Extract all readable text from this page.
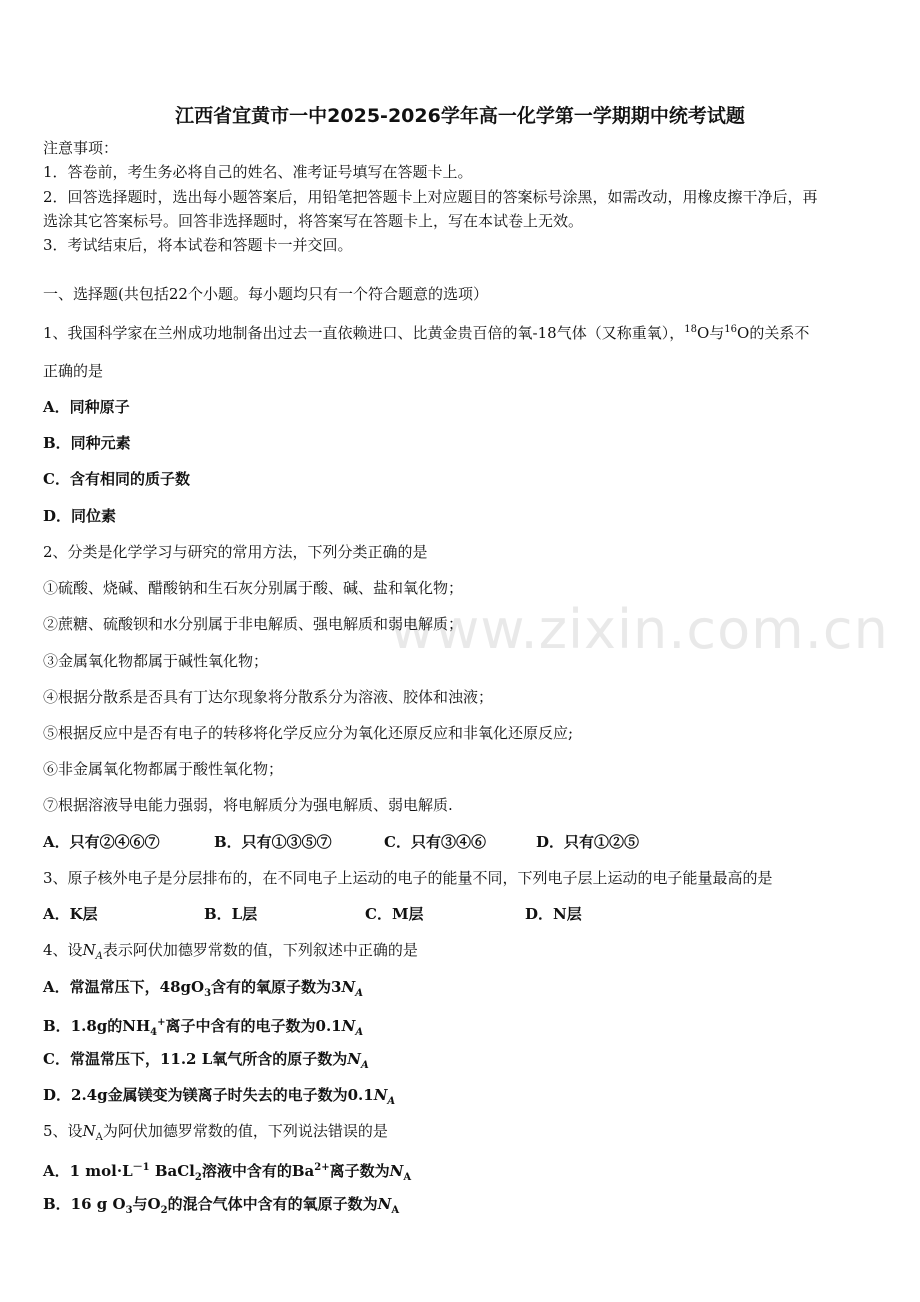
www.zixin.com.cn
江西省宜黄市一中2025-2026学年高一化学第一学期期中统考试题
注意事项：
1．答卷前，考生务必将自己的姓名、准考证号填写在答题卡上。
2．回答选择题时，选出每小题答案后，用铅笔把答题卡上对应题目的答案标号涂黑，如需改动，用橡皮擦干净后，再
选涂其它答案标号。回答非选择题时，将答案写在答题卡上，写在本试卷上无效。
3．考试结束后，将本试卷和答题卡一并交回。
一、选择题(共包括22个小题。每小题均只有一个符合题意的选项）
1、我国科学家在兰州成功地制备出过去一直依赖进口、比黄金贵百倍的氧-18气体（又称重氧），$^{18}$O与$^{16}$O的关系不
正确的是
A．同种原子
B．同种元素
C．含有相同的质子数
D．同位素
2、分类是化学学习与研究的常用方法，下列分类正确的是
①硫酸、烧碱、醋酸钠和生石灰分别属于酸、碱、盐和氧化物；
②蔗糖、硫酸钡和水分别属于非电解质、强电解质和弱电解质；
③金属氧化物都属于碱性氧化物；
④根据分散系是否具有丁达尔现象将分散系分为溶液、胶体和浊液；
⑤根据反应中是否有电子的转移将化学反应分为氧化还原反应和非氧化还原反应;
⑥非金属氧化物都属于酸性氧化物；
⑦根据溶液导电能力强弱，将电解质分为强电解质、弱电解质.
A．只有②④⑥⑦	B．只有①③⑤⑦	C．只有③④⑥	D．只有①②⑤
3、原子核外电子是分层排布的，在不同电子上运动的电子的能量不同，下列电子层上运动的电子能量最高的是
A．K层	B．L层	C．M层	D．N层
4、设$N_A$表示阿伏加德罗常数的值，下列叙述中正确的是
A．常温常压下，$48gO_3$含有的氧原子数为$3N_A$
B．1.8g的$NH_4^+$离子中含有的电子数为$0.1N_A$
C．常温常压下，11.2 L氧气所含的原子数为$N_A$
D．2.4g金属镁变为镁离子时失去的电子数为$0.1N_A$
5、设$N_A$为阿伏加德罗常数的值，下列说法错误的是
A．1 $mol\cdot L^{-1}$ BaCl$_2$溶液中含有的$Ba^{2+}$离子数为$N_A$
B．16 g $O_3$与$O_2$的混合气体中含有的氧原子数为$N_A$
